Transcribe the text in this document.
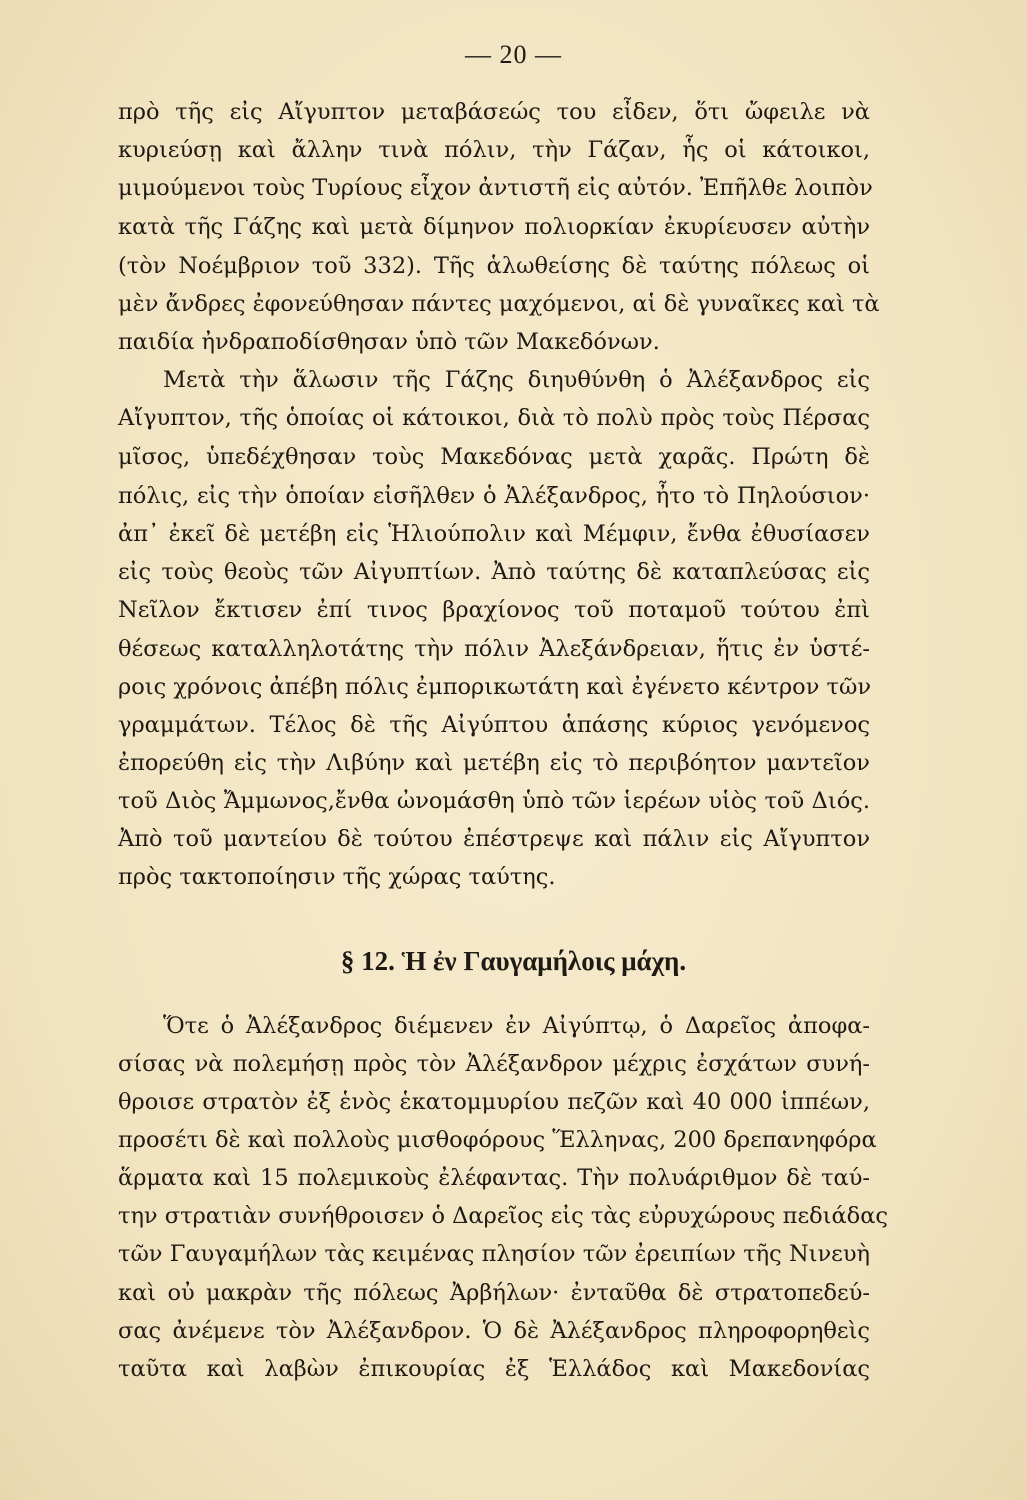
— 20 —
πρὸ τῆς εἰς Αἴγυπτον μεταβάσεώς του εἶδεν, ὅτι ὤφειλε νὰ
κυριεύσῃ καὶ ἄλλην τινὰ πόλιν, τὴν Γάζαν, ἧς οἱ κάτοικοι,
μιμούμενοι τοὺς Τυρίους εἶχον ἀντιστῆ εἰς αὐτόν. Ἐπῆλθε λοιπὸν
κατὰ τῆς Γάζης καὶ μετὰ δίμηνον πολιορκίαν ἐκυρίευσεν αὐτὴν
(τὸν Νοέμβριον τοῦ 332). Τῆς ἁλωθείσης δὲ ταύτης πόλεως οἱ
μὲν ἄνδρες ἐφονεύθησαν πάντες μαχόμενοι, αἱ δὲ γυναῖκες καὶ τὰ
παιδία ἠνδραποδίσθησαν ὑπὸ τῶν Μακεδόνων.
Μετὰ τὴν ἅλωσιν τῆς Γάζης διηυθύνθη ὁ Ἀλέξανδρος εἰς
Αἴγυπτον, τῆς ὁποίας οἱ κάτοικοι, διὰ τὸ πολὺ πρὸς τοὺς Πέρσας
μῖσος, ὑπεδέχθησαν τοὺς Μακεδόνας μετὰ χαρᾶς. Πρώτη δὲ
πόλις, εἰς τὴν ὁποίαν εἰσῆλθεν ὁ Ἀλέξανδρος, ἦτο τὸ Πηλούσιον·
ἀπ᾽ ἐκεῖ δὲ μετέβη εἰς Ἡλιούπολιν καὶ Μέμφιν, ἔνθα ἐθυσίασεν
εἰς τοὺς θεοὺς τῶν Αἰγυπτίων. Ἀπὸ ταύτης δὲ καταπλεύσας εἰς
Νεῖλον ἔκτισεν ἐπί τινος βραχίονος τοῦ ποταμοῦ τούτου ἐπὶ
θέσεως καταλληλοτάτης τὴν πόλιν Ἀλεξάνδρειαν, ἥτις ἐν ὑστέ-
ροις χρόνοις ἀπέβη πόλις ἐμπορικωτάτη καὶ ἐγένετο κέντρον τῶν
γραμμάτων. Τέλος δὲ τῆς Αἰγύπτου ἁπάσης κύριος γενόμενος
ἐπορεύθη εἰς τὴν Λιβύην καὶ μετέβη εἰς τὸ περιβόητον μαντεῖον
τοῦ Διὸς Ἄμμωνος,ἔνθα ὠνομάσθη ὑπὸ τῶν ἱερέων υἱὸς τοῦ Διός.
Ἀπὸ τοῦ μαντείου δὲ τούτου ἐπέστρεψε καὶ πάλιν εἰς Αἴγυπτον
πρὸς τακτοποίησιν τῆς χώρας ταύτης.
§ 12. Ἡ ἐν Γαυγαμήλοις μάχη.
Ὅτε ὁ Ἀλέξανδρος διέμενεν ἐν Αἰγύπτῳ, ὁ Δαρεῖος ἀποφα-
σίσας νὰ πολεμήσῃ πρὸς τὸν Ἀλέξανδρον μέχρις ἐσχάτων συνή-
θροισε στρατὸν ἐξ ἑνὸς ἑκατομμυρίου πεζῶν καὶ 40 000 ἱππέων,
προσέτι δὲ καὶ πολλοὺς μισθοφόρους Ἕλληνας, 200 δρεπανηφόρα
ἅρματα καὶ 15 πολεμικοὺς ἐλέφαντας. Τὴν πολυάριθμον δὲ ταύ-
την στρατιὰν συνήθροισεν ὁ Δαρεῖος εἰς τὰς εὐρυχώρους πεδιάδας
τῶν Γαυγαμήλων τὰς κειμένας πλησίον τῶν ἐρειπίων τῆς Νινευὴ
καὶ οὐ μακρὰν τῆς πόλεως Ἀρβήλων· ἐνταῦθα δὲ στρατοπεδεύ-
σας ἀνέμενε τὸν Ἀλέξανδρον. Ὁ δὲ Ἀλέξανδρος πληροφορηθεὶς
ταῦτα καὶ λαβὼν ἐπικουρίας ἐξ Ἑλλάδος καὶ Μακεδονίας
